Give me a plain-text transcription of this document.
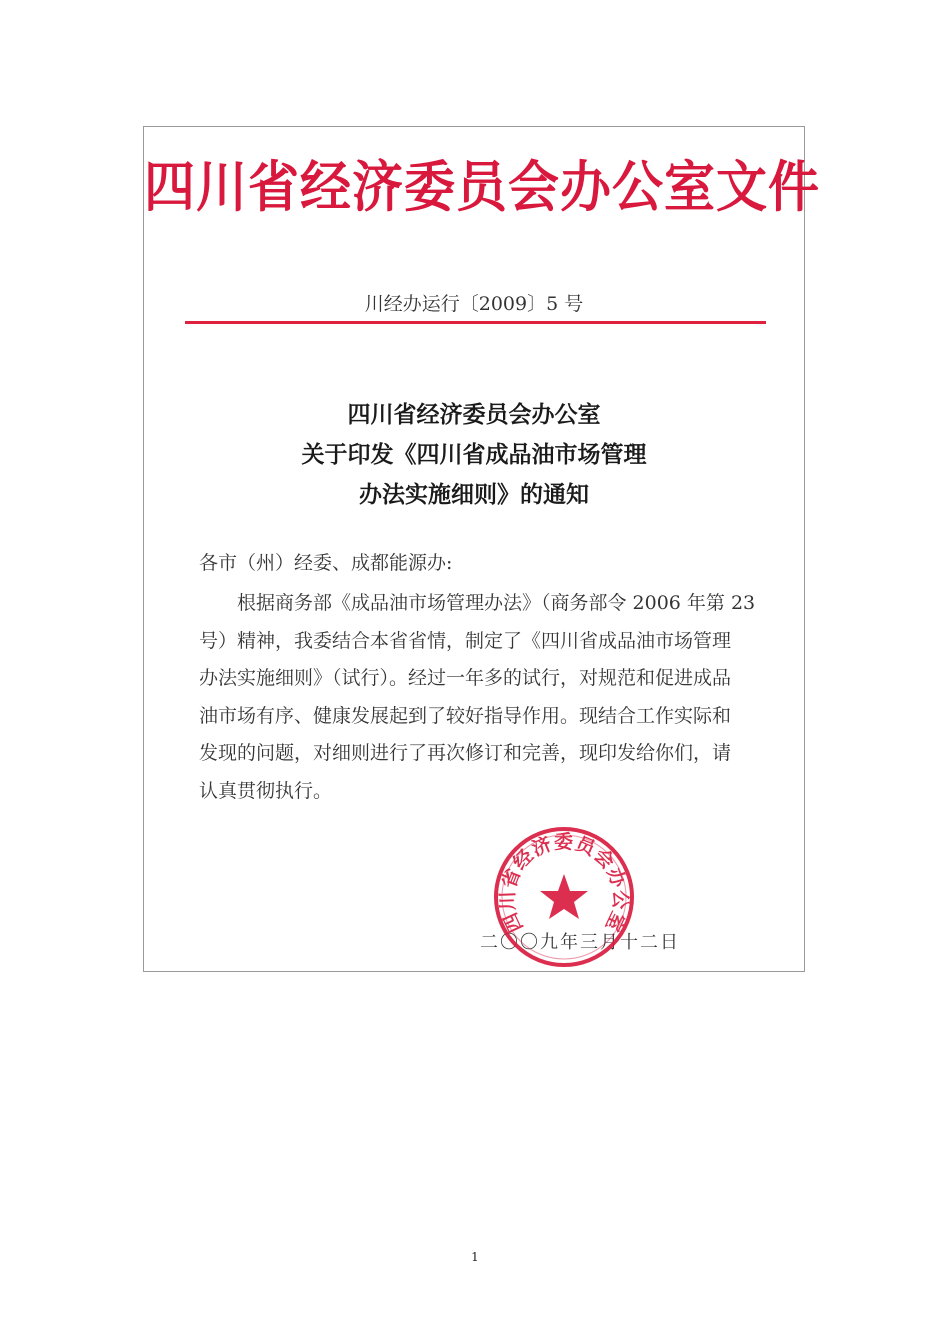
四川省经济委员会办公室文件
川经办运行〔2009〕5 号
四川省经济委员会办公室
关于印发《四川省成品油市场管理
办法实施细则》的通知
各市（州）经委、成都能源办:
根据商务部《成品油市场管理办法》（商务部令 2006 年第 23
号）精神，我委结合本省省情，制定了《四川省成品油市场管理
办法实施细则》（试行）。经过一年多的试行，对规范和促进成品
油市场有序、健康发展起到了较好指导作用。现结合工作实际和
发现的问题，对细则进行了再次修订和完善，现印发给你们，请
认真贯彻执行。
二〇〇九年三月十二日
四川省经济委员会办公室
1
